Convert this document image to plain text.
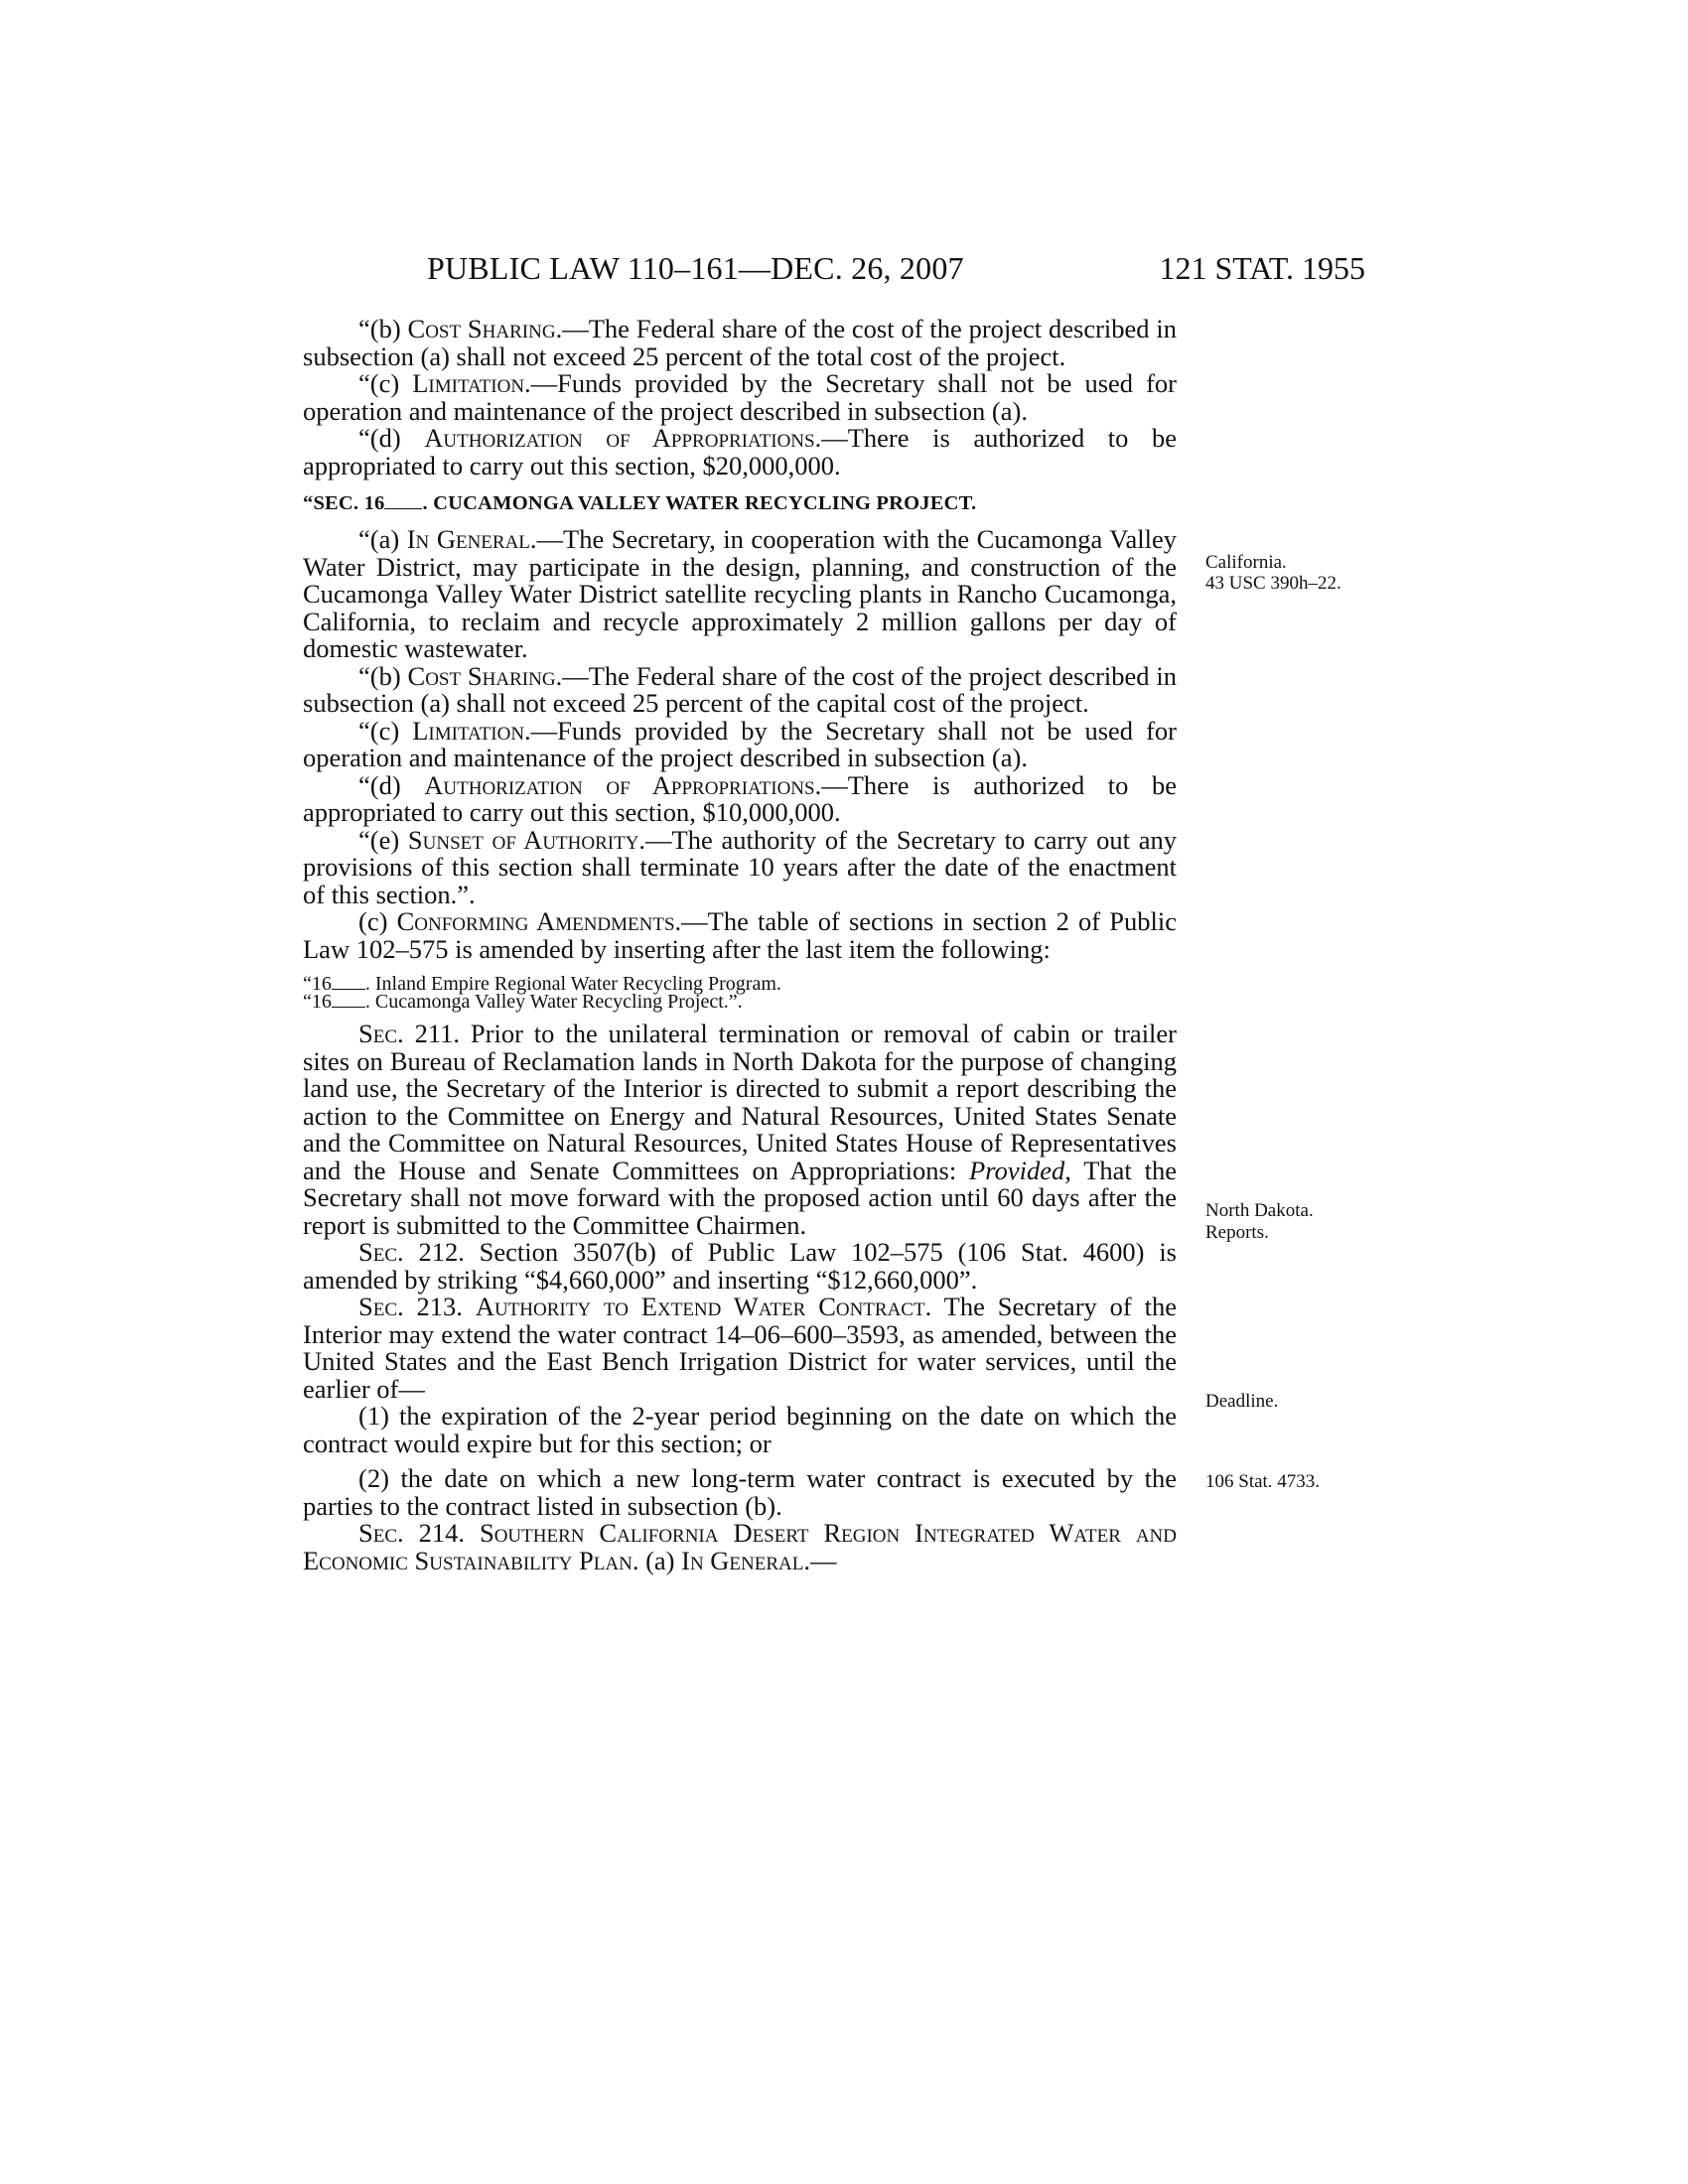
PUBLIC LAW 110–161—DEC. 26, 2007	121 STAT. 1955

“(b) Cost Sharing.—The Federal share of the cost of the project described in subsection (a) shall not exceed 25 percent of the total cost of the project.

“(c) Limitation.—Funds provided by the Secretary shall not be used for operation and maintenance of the project described in subsection (a).

“(d) Authorization of Appropriations.—There is authorized to be appropriated to carry out this section, $20,000,000.

“SEC. 16 . CUCAMONGA VALLEY WATER RECYCLING PROJECT.

“(a) In General.—The Secretary, in cooperation with the Cucamonga Valley Water District, may participate in the design, planning, and construction of the Cucamonga Valley Water District satellite recycling plants in Rancho Cucamonga, California, to reclaim and recycle approximately 2 million gallons per day of domestic wastewater.

“(b) Cost Sharing.—The Federal share of the cost of the project described in subsection (a) shall not exceed 25 percent of the capital cost of the project.

“(c) Limitation.—Funds provided by the Secretary shall not be used for operation and maintenance of the project described in subsection (a).

“(d) Authorization of Appropriations.—There is authorized to be appropriated to carry out this section, $10,000,000.

“(e) Sunset of Authority.—The authority of the Secretary to carry out any provisions of this section shall terminate 10 years after the date of the enactment of this section.”.

(c) Conforming Amendments.—The table of sections in section 2 of Public Law 102–575 is amended by inserting after the last item the following:

“16 . Inland Empire Regional Water Recycling Program.
“16 . Cucamonga Valley Water Recycling Project.”.

Sec. 211. Prior to the unilateral termination or removal of cabin or trailer sites on Bureau of Reclamation lands in North Dakota for the purpose of changing land use, the Secretary of the Interior is directed to submit a report describing the action to the Committee on Energy and Natural Resources, United States Senate and the Committee on Natural Resources, United States House of Representatives and the House and Senate Committees on Appropriations: Provided, That the Secretary shall not move forward with the proposed action until 60 days after the report is submitted to the Committee Chairmen.

Sec. 212. Section 3507(b) of Public Law 102–575 (106 Stat. 4600) is amended by striking “$4,660,000” and inserting “$12,660,000”.

Sec. 213. Authority to Extend Water Contract. The Secretary of the Interior may extend the water contract 14–06–600–3593, as amended, between the United States and the East Bench Irrigation District for water services, until the earlier of—

(1) the expiration of the 2-year period beginning on the date on which the contract would expire but for this section; or

(2) the date on which a new long-term water contract is executed by the parties to the contract listed in subsection (b).

Sec. 214. Southern California Desert Region Integrated Water and Economic Sustainability Plan. (a) In General.—

California.
43 USC 390h–22.
North Dakota.
Reports.
Deadline.
106 Stat. 4733.
